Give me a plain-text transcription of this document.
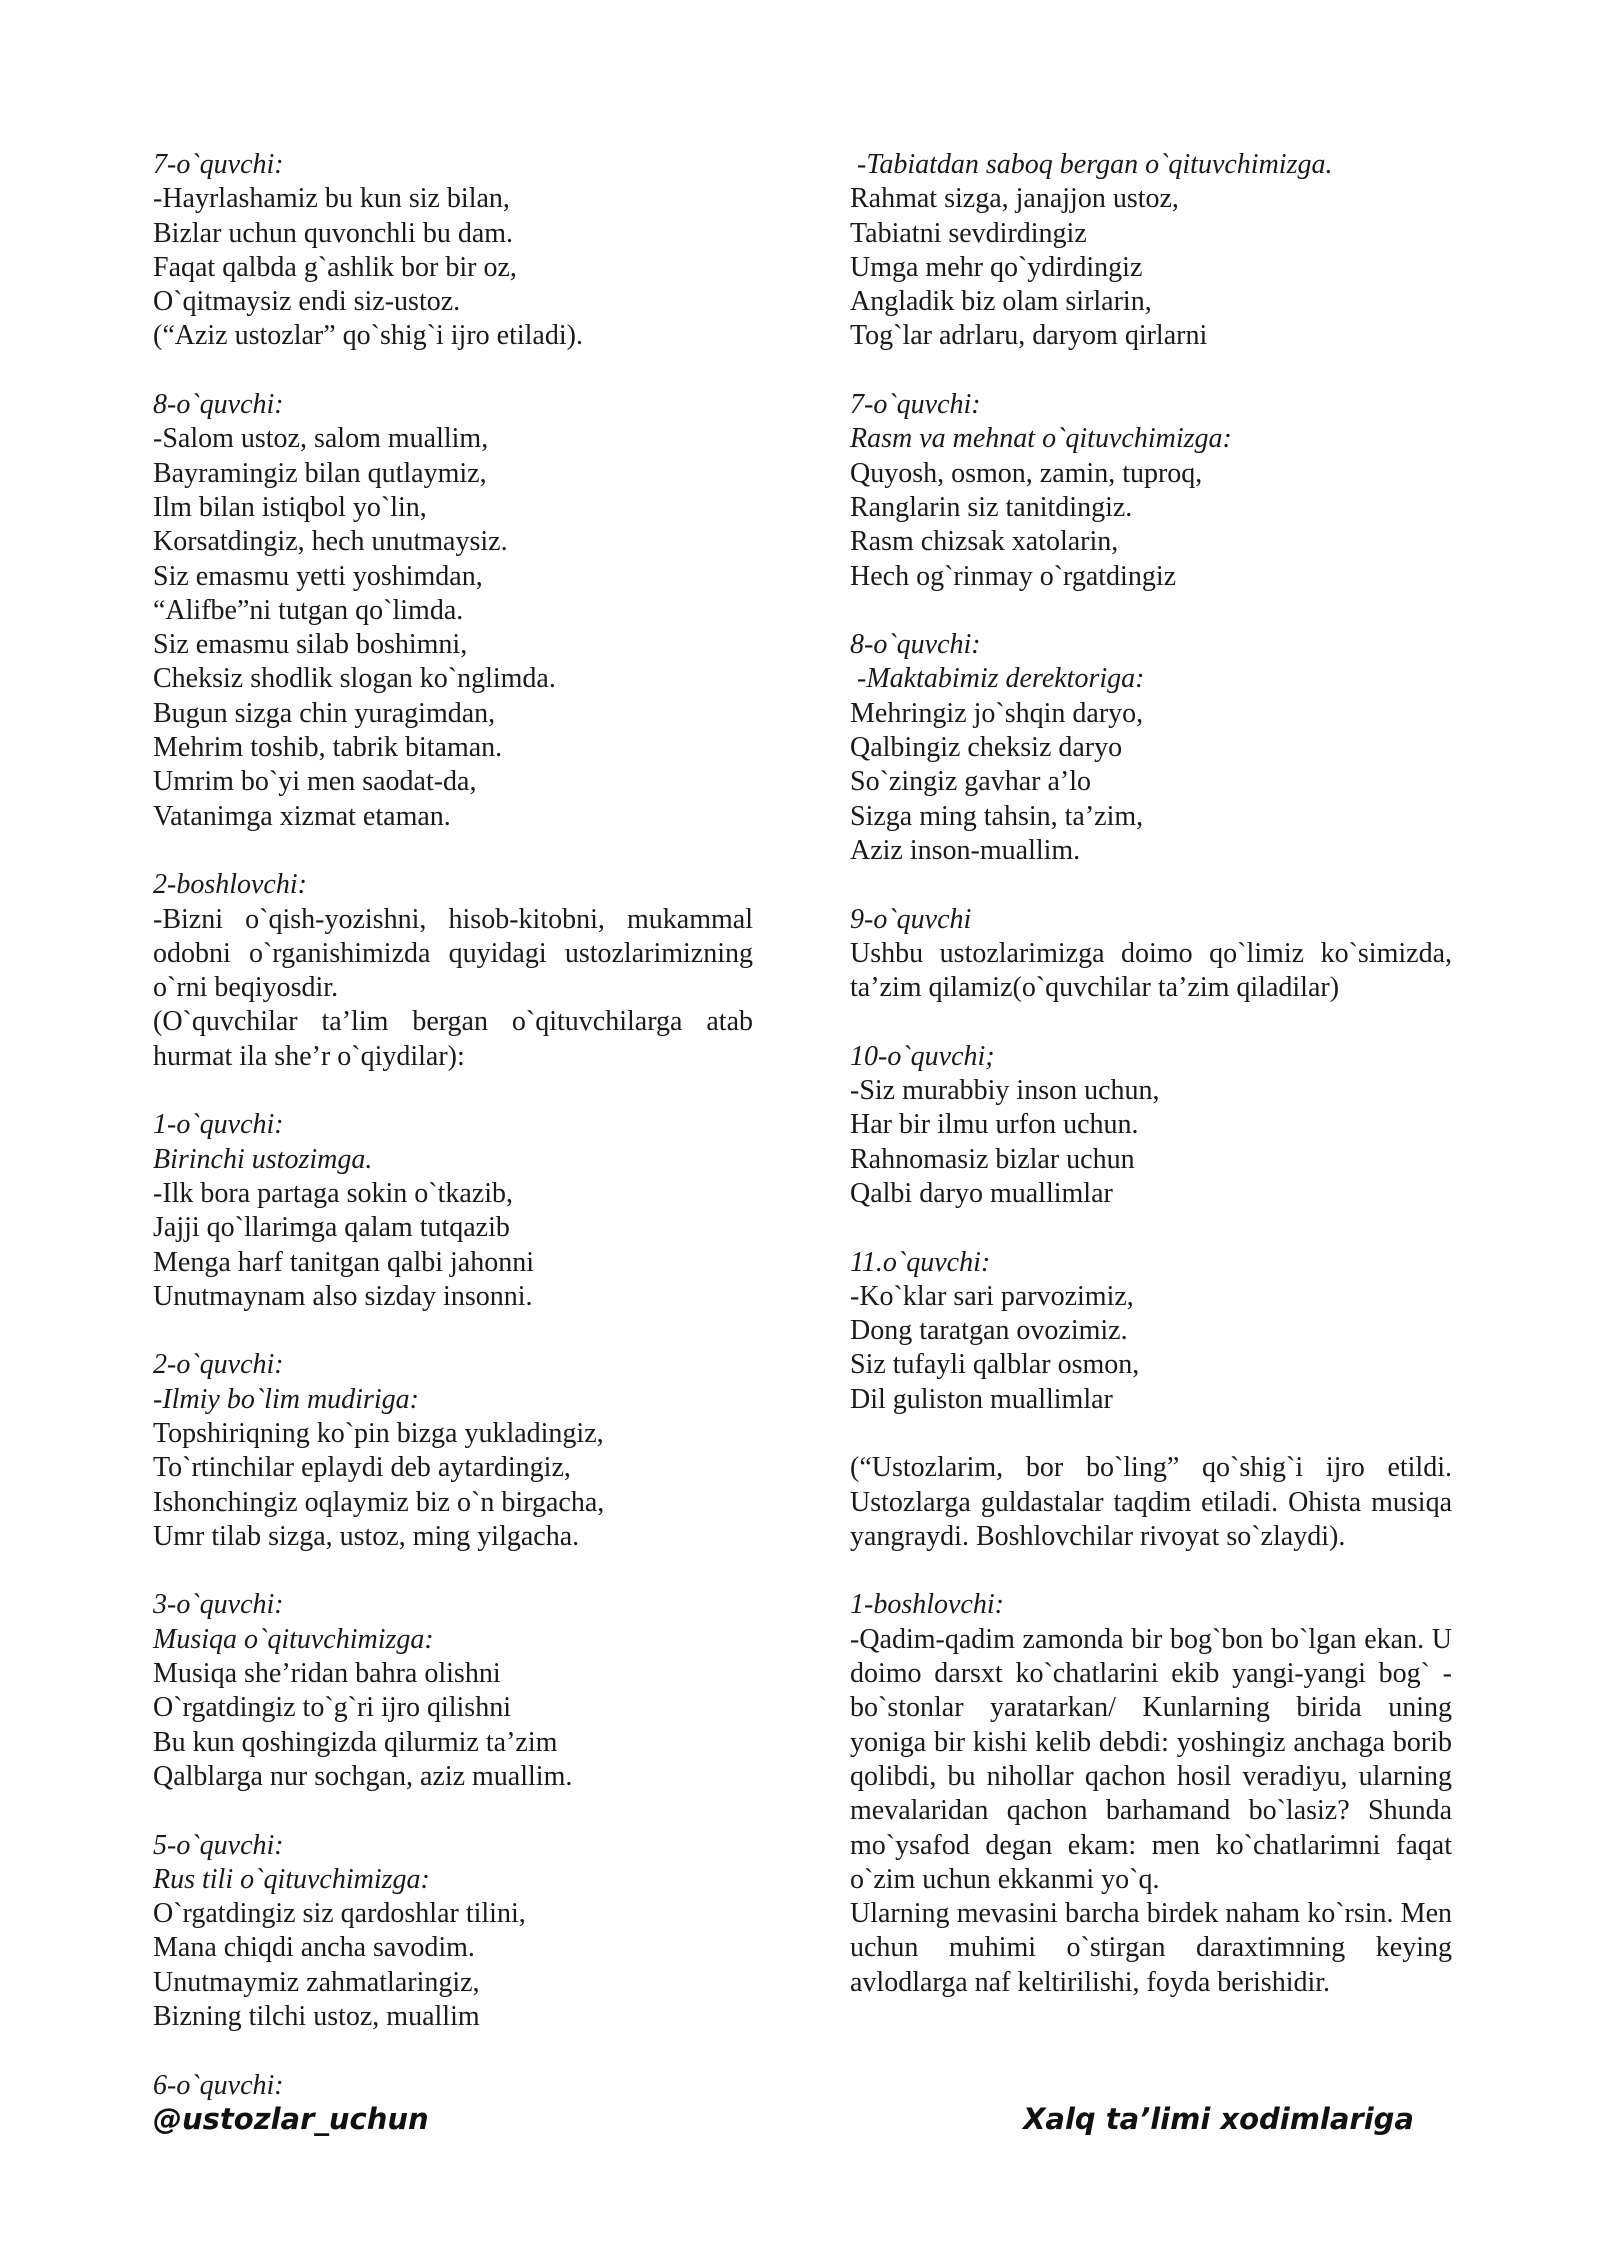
7-o`quvchi:
-Hayrlashamiz bu kun siz bilan,
Bizlar uchun quvonchli bu dam.
Faqat qalbda g`ashlik bor bir oz,
O`qitmaysiz endi siz-ustoz.
(“Aziz ustozlar” qo`shig`i ijro etiladi).
8-o`quvchi:
-Salom ustoz, salom muallim,
Bayramingiz bilan qutlaymiz,
Ilm bilan istiqbol yo`lin,
Korsatdingiz, hech unutmaysiz.
Siz emasmu yetti yoshimdan,
“Alifbe”ni tutgan qo`limda.
Siz emasmu silab boshimni,
Cheksiz shodlik slogan ko`nglimda.
Bugun sizga chin yuragimdan,
Mehrim toshib, tabrik bitaman.
Umrim bo`yi men saodat-da,
Vatanimga xizmat etaman.
2-boshlovchi:
-Bizni o`qish-yozishni, hisob-kitobni, mukammal odobni o`rganishimizda quyidagi ustozlarimizning o`rni beqiyosdir.
(O`quvchilar ta’lim bergan o`qituvchilarga atab hurmat ila she’r o`qiydilar):
1-o`quvchi:
Birinchi ustozimga.
-Ilk bora partaga sokin o`tkazib,
Jajji qo`llarimga qalam tutqazib
Menga harf tanitgan qalbi jahonni
Unutmaynam also sizday insonni.
2-o`quvchi:
-Ilmiy bo`lim mudiriga:
Topshiriqning ko`pin bizga yukladingiz,
To`rtinchilar eplaydi deb aytardingiz,
Ishonchingiz oqlaymiz biz o`n birgacha,
Umr tilab sizga, ustoz, ming yilgacha.
3-o`quvchi:
Musiqa o`qituvchimizga:
Musiqa she’ridan bahra olishni
O`rgatdingiz to`g`ri ijro qilishni
Bu kun qoshingizda qilurmiz ta’zim
Qalblarga nur sochgan, aziz muallim.
5-o`quvchi:
Rus tili o`qituvchimizga:
O`rgatdingiz siz qardoshlar tilini,
Mana chiqdi ancha savodim.
Unutmaymiz zahmatlaringiz,
Bizning tilchi ustoz, muallim
6-o`quvchi:
-Tabiatdan saboq bergan o`qituvchimizga.
Rahmat sizga, janajjon ustoz,
Tabiatni sevdirdingiz
Umga mehr qo`ydirdingiz
Angladik biz olam sirlarin,
Tog`lar adrlaru, daryom qirlarni
7-o`quvchi:
Rasm va mehnat o`qituvchimizga:
Quyosh, osmon, zamin, tuproq,
Ranglarin siz tanitdingiz.
Rasm chizsak xatolarin,
Hech og`rinmay o`rgatdingiz
8-o`quvchi:
-Maktabimiz derektoriga:
Mehringiz jo`shqin daryo,
Qalbingiz cheksiz daryo
So`zingiz gavhar a’lo
Sizga ming tahsin, ta’zim,
Aziz inson-muallim.
9-o`quvchi
Ushbu ustozlarimizga doimo qo`limiz ko`simizda, ta’zim qilamiz(o`quvchilar ta’zim qiladilar)
10-o`quvchi;
-Siz murabbiy inson uchun,
Har bir ilmu urfon uchun.
Rahnomasiz bizlar uchun
Qalbi daryo muallimlar
11.o`quvchi:
-Ko`klar sari parvozimiz,
Dong taratgan ovozimiz.
Siz tufayli qalblar osmon,
Dil guliston muallimlar
(“Ustozlarim, bor bo`ling” qo`shig`i ijro etildi. Ustozlarga guldastalar taqdim etiladi. Ohista musiqa yangraydi. Boshlovchilar rivoyat so`zlaydi).
1-boshlovchi:
-Qadim-qadim zamonda bir bog`bon bo`lgan ekan. U doimo darsxt ko`chatlarini ekib yangi-yangi bog` -bo`stonlar yaratarkan/ Kunlarning birida uning yoniga bir kishi kelib debdi: yoshingiz anchaga borib qolibdi, bu nihollar qachon hosil veradiyu, ularning mevalaridan qachon barhamand bo`lasiz? Shunda mo`ysafod degan ekam: men ko`chatlarimni faqat o`zim uchun ekkanmi yo`q.
Ularning mevasini barcha birdek naham ko`rsin. Men uchun muhimi o`stirgan daraxtimning keying avlodlarga naf keltirilishi, foyda berishidir.
@ustozlar_uchun	Xalq ta’limi xodimlariga
